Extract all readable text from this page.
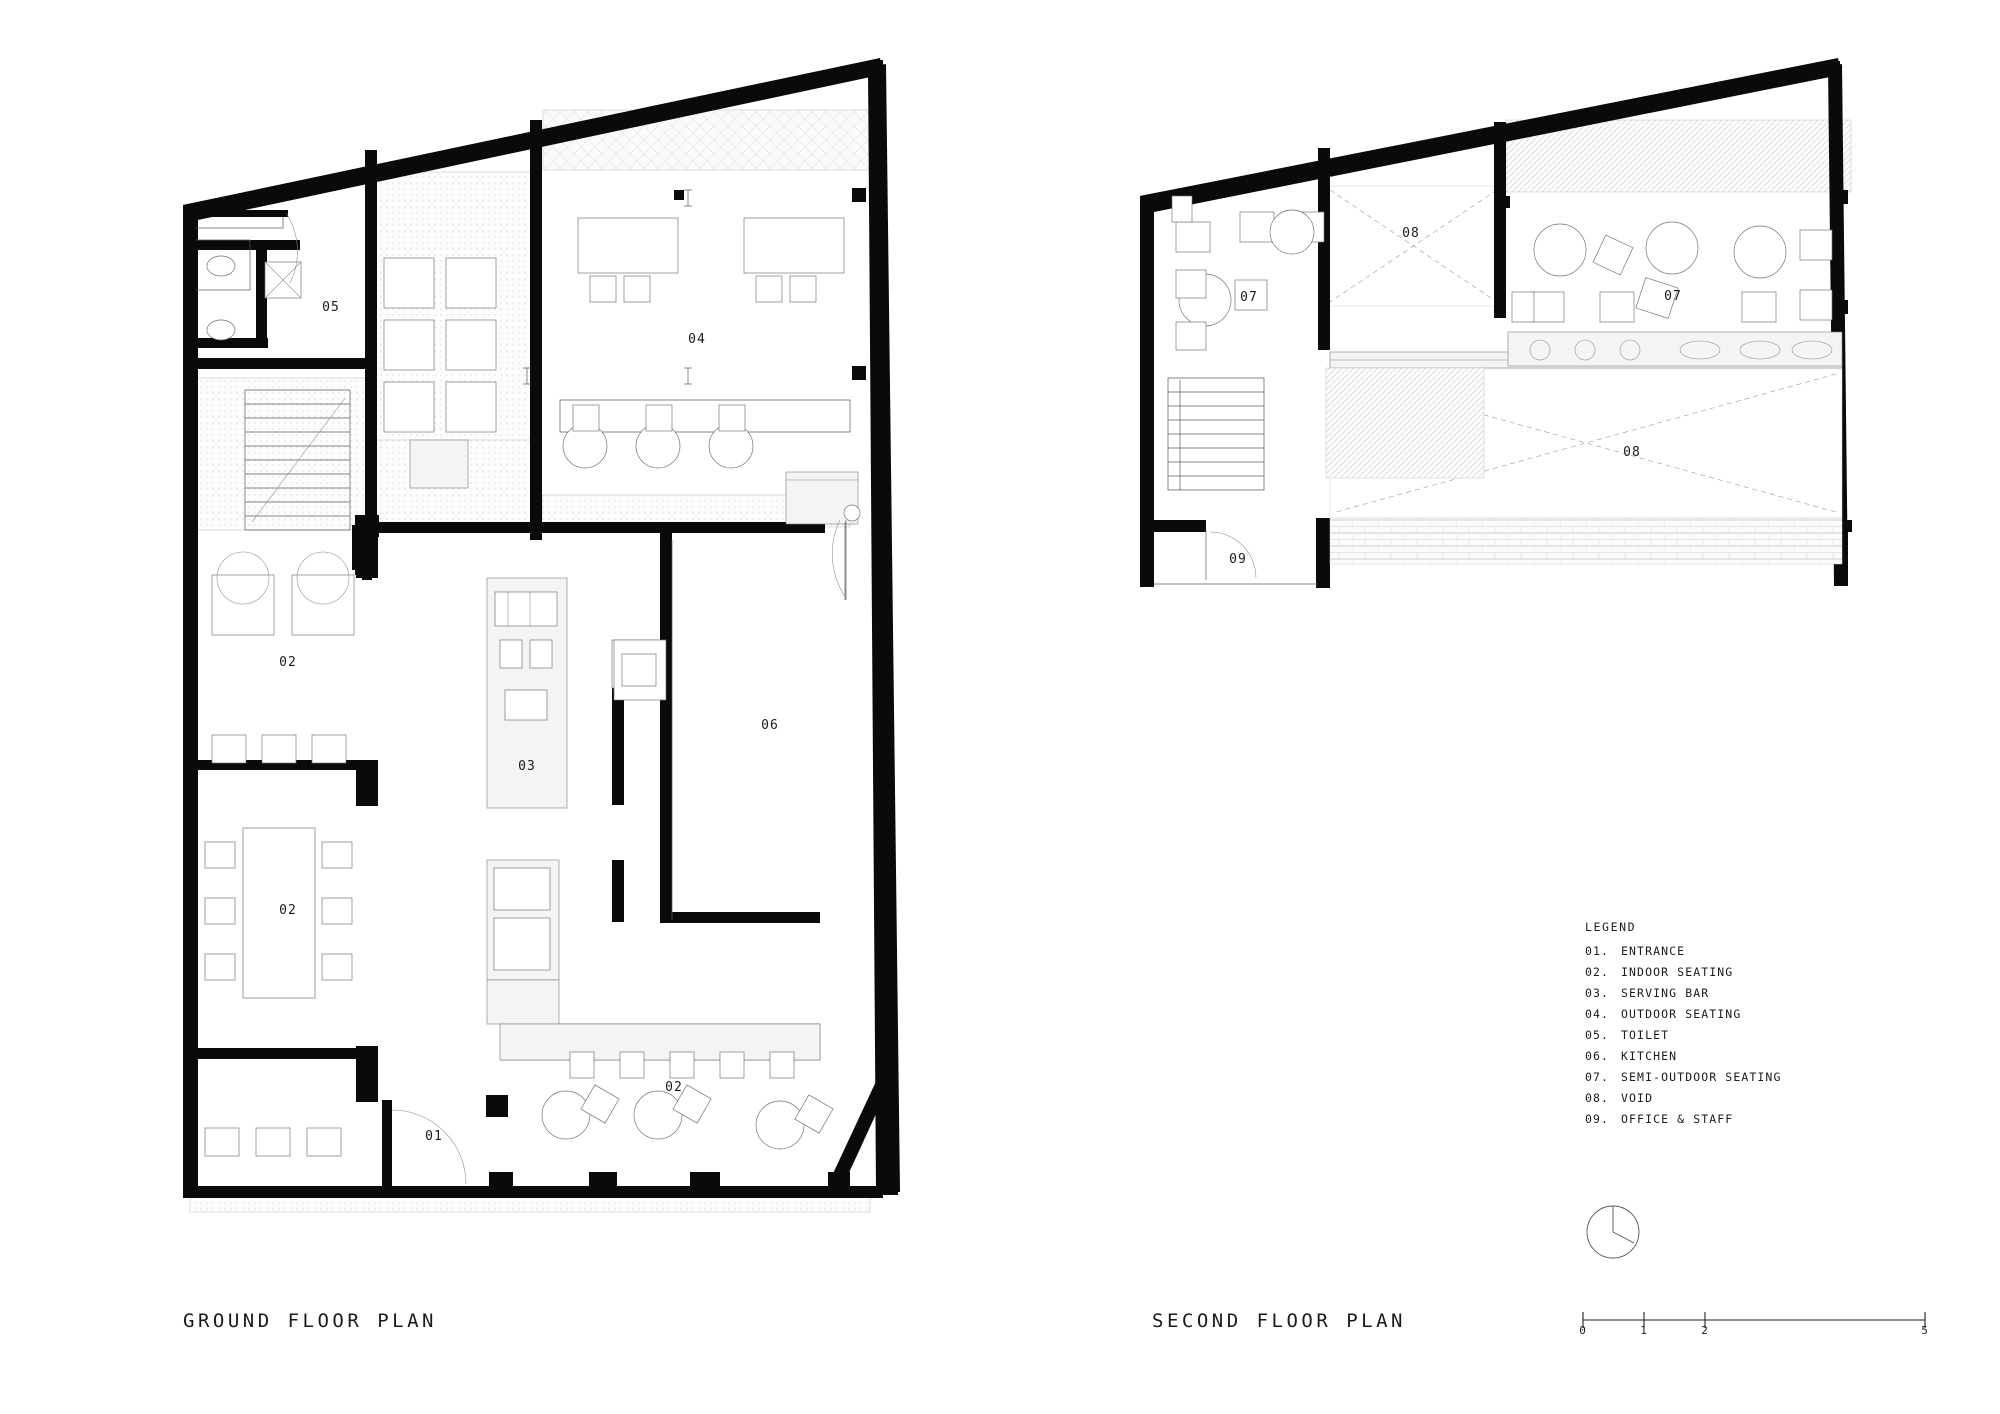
05
04
02
02
03
06
02
01
07
08
07
08
09
GROUND FLOOR PLAN	SECOND FLOOR PLAN
LEGEND
01.	ENTRANCE
02.	INDOOR SEATING
03.	SERVING BAR
04.	OUTDOOR SEATING
05.	TOILET
06.	KITCHEN
07.	SEMI-OUTDOOR SEATING
08.	VOID
09.	OFFICE & STAFF
0	1	2	5
